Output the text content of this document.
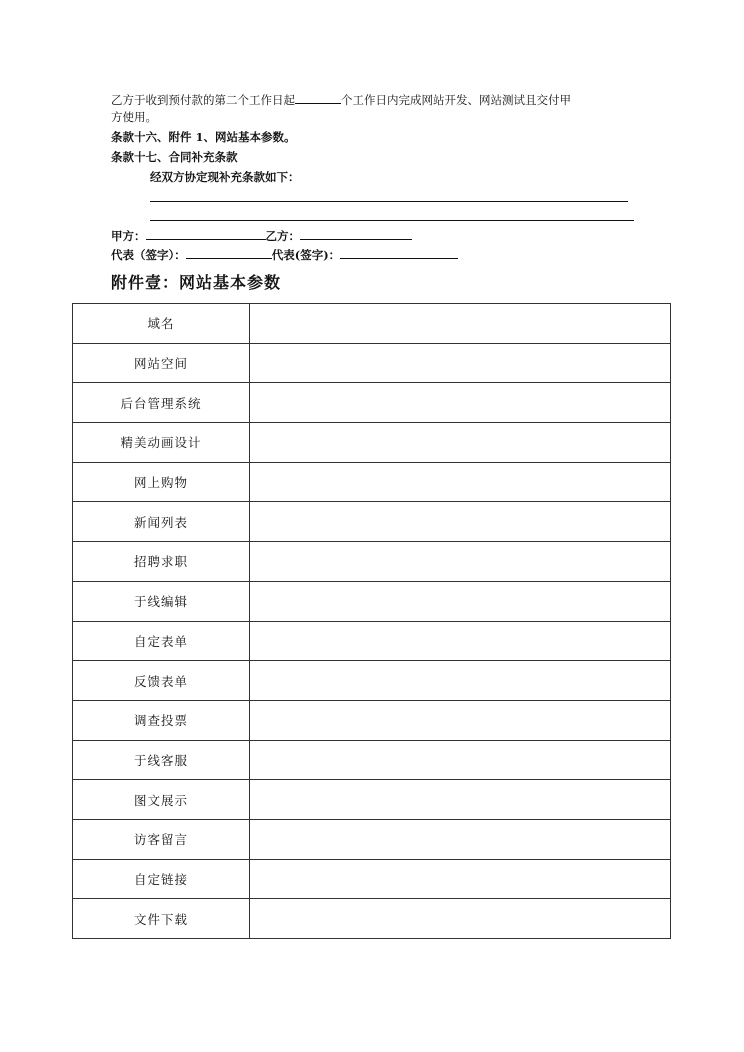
乙方于收到预付款的第二个工作日起	个工作日内完成网站开发、网站测试且交付甲
方使用。
条款十六、附件 1、网站基本参数。
条款十七、合同补充条款
经双方协定现补充条款如下：
甲方：	乙方：
代表（签字）：	代表(签字)：
附件壹：网站基本参数
域名	
网站空间	
后台管理系统	
精美动画设计	
网上购物	
新闻列表	
招聘求职	
于线编辑	
自定表单	
反馈表单	
调查投票	
于线客服	
图文展示	
访客留言	
自定链接	
文件下载	
